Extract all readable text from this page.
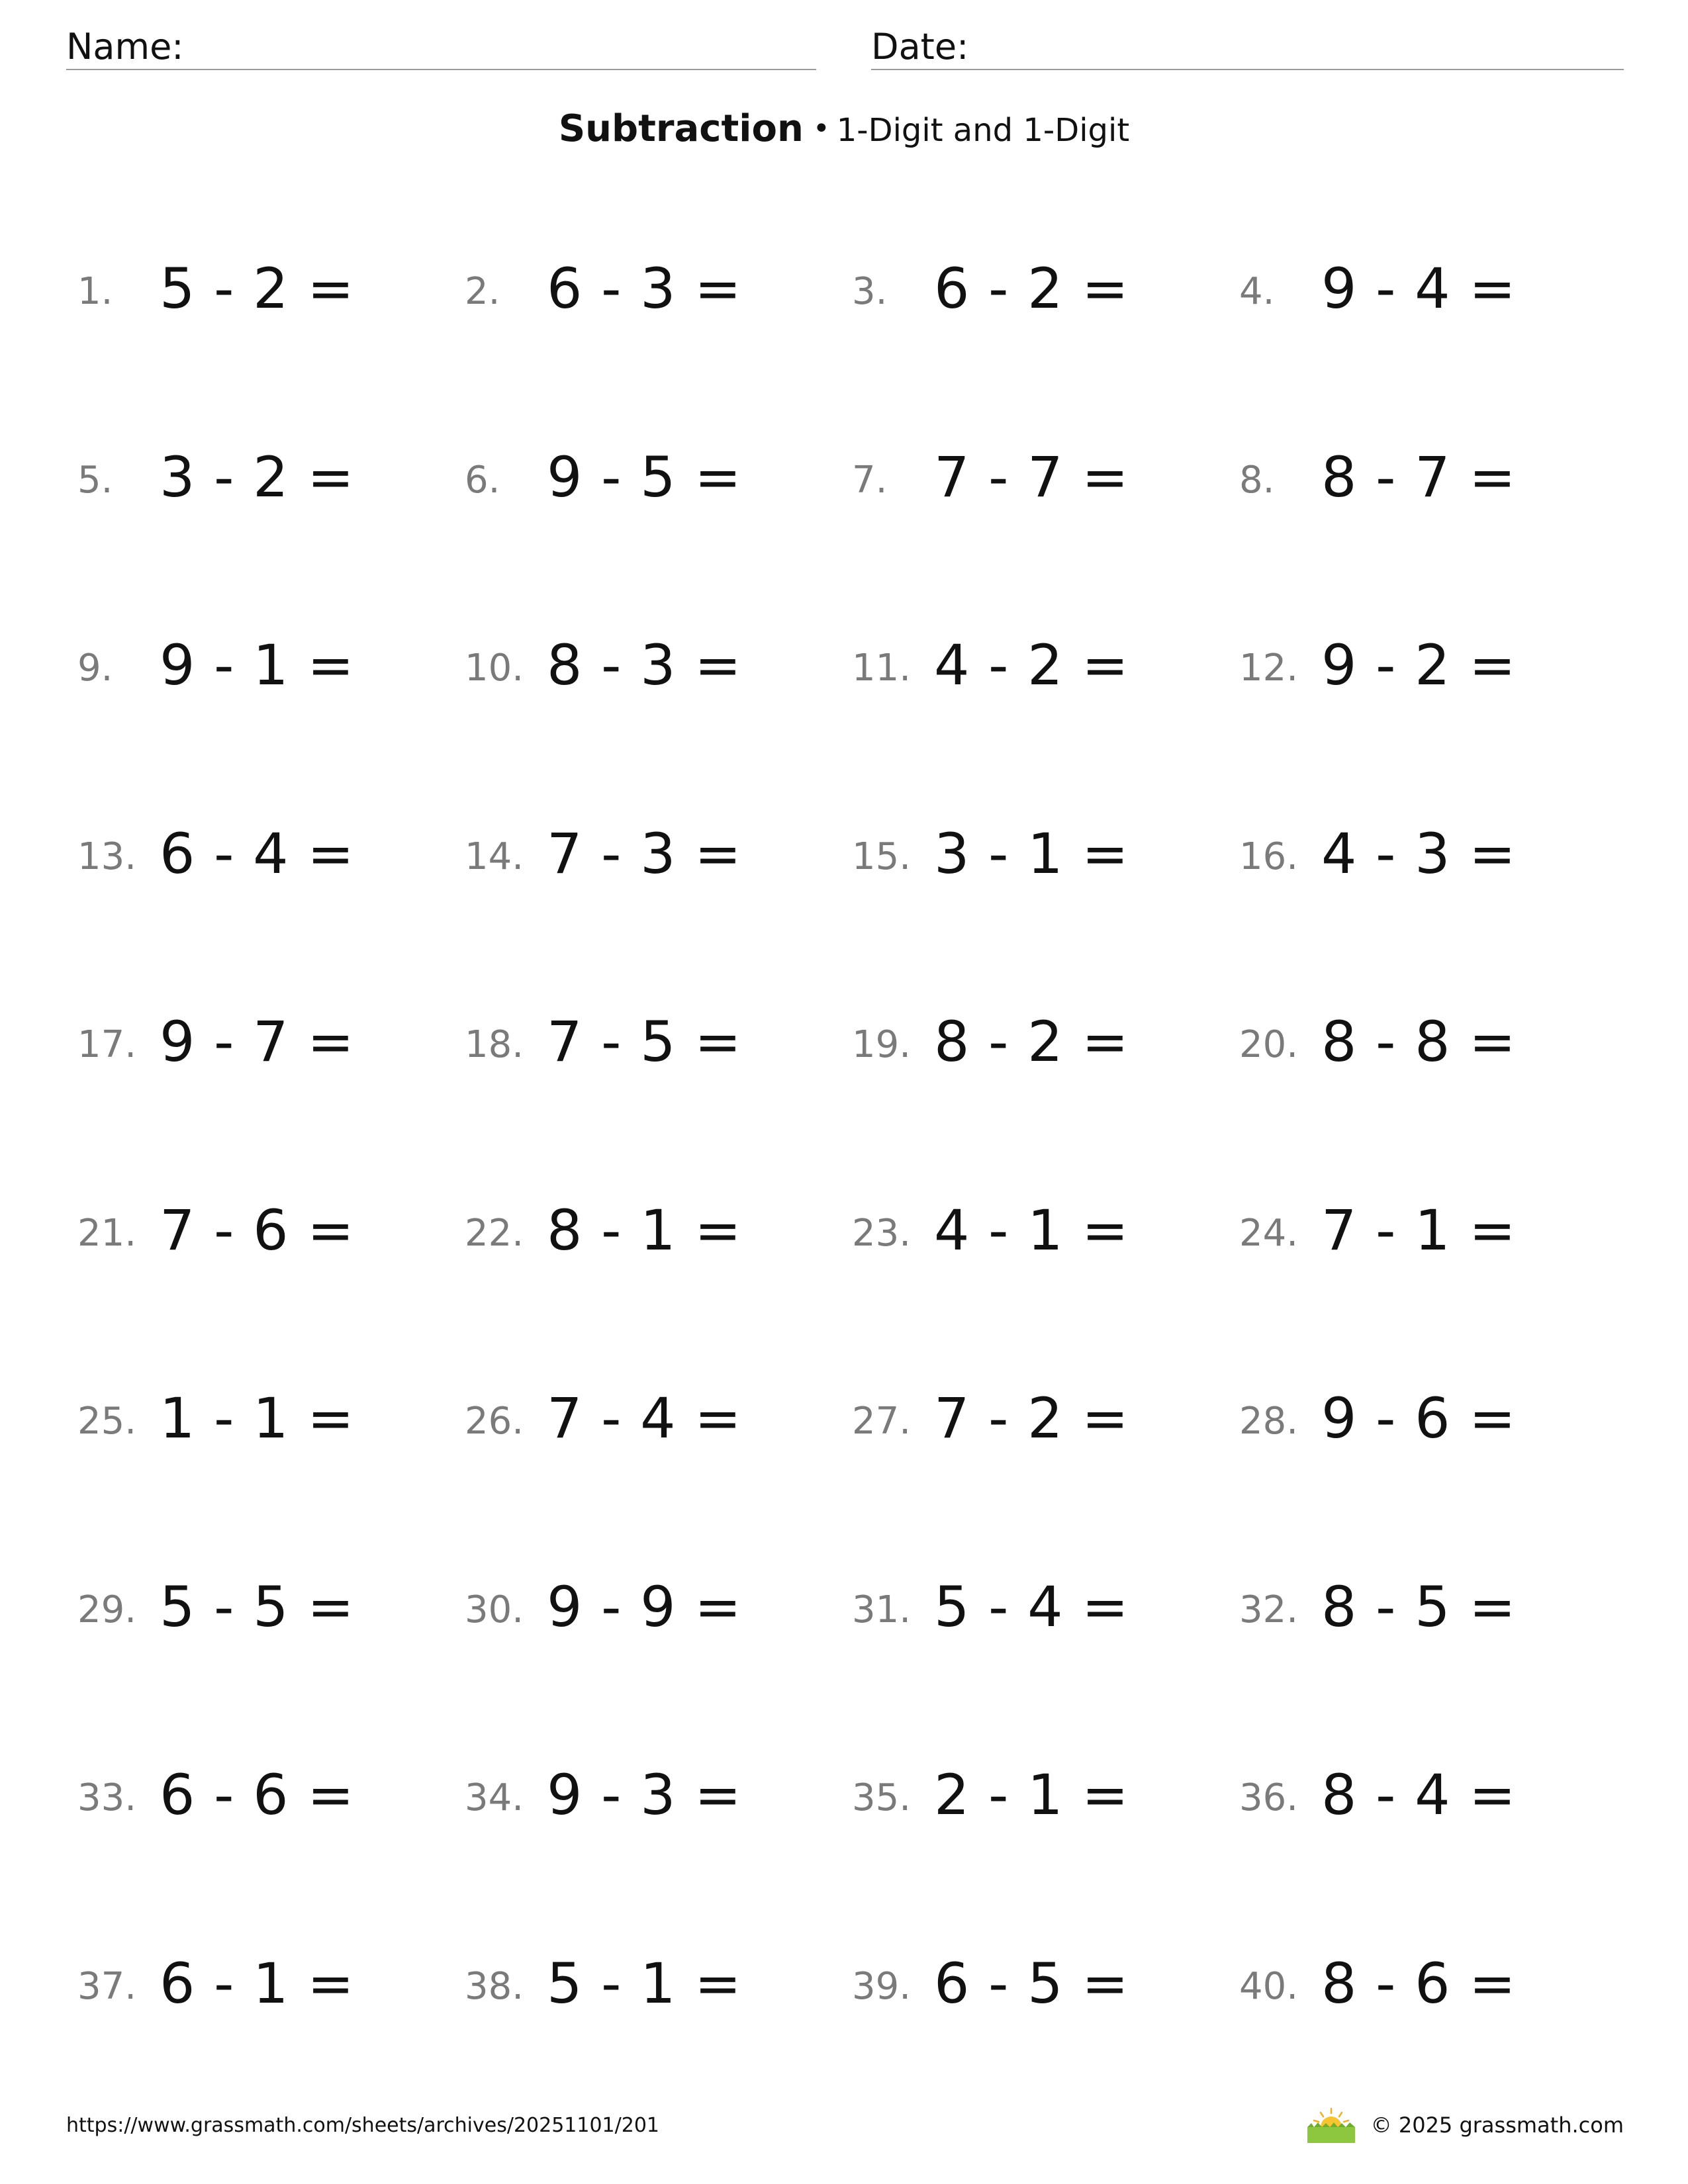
Name:	Date:
Subtraction • 1-Digit and 1-Digit
1. 5 - 2 =	2. 6 - 3 =	3. 6 - 2 =	4. 9 - 4 =
5. 3 - 2 =	6. 9 - 5 =	7. 7 - 7 =	8. 8 - 7 =
9. 9 - 1 =	10. 8 - 3 =	11. 4 - 2 =	12. 9 - 2 =
13. 6 - 4 =	14. 7 - 3 =	15. 3 - 1 =	16. 4 - 3 =
17. 9 - 7 =	18. 7 - 5 =	19. 8 - 2 =	20. 8 - 8 =
21. 7 - 6 =	22. 8 - 1 =	23. 4 - 1 =	24. 7 - 1 =
25. 1 - 1 =	26. 7 - 4 =	27. 7 - 2 =	28. 9 - 6 =
29. 5 - 5 =	30. 9 - 9 =	31. 5 - 4 =	32. 8 - 5 =
33. 6 - 6 =	34. 9 - 3 =	35. 2 - 1 =	36. 8 - 4 =
37. 6 - 1 =	38. 5 - 1 =	39. 6 - 5 =	40. 8 - 6 =
https://www.grassmath.com/sheets/archives/20251101/201	© 2025 grassmath.com
